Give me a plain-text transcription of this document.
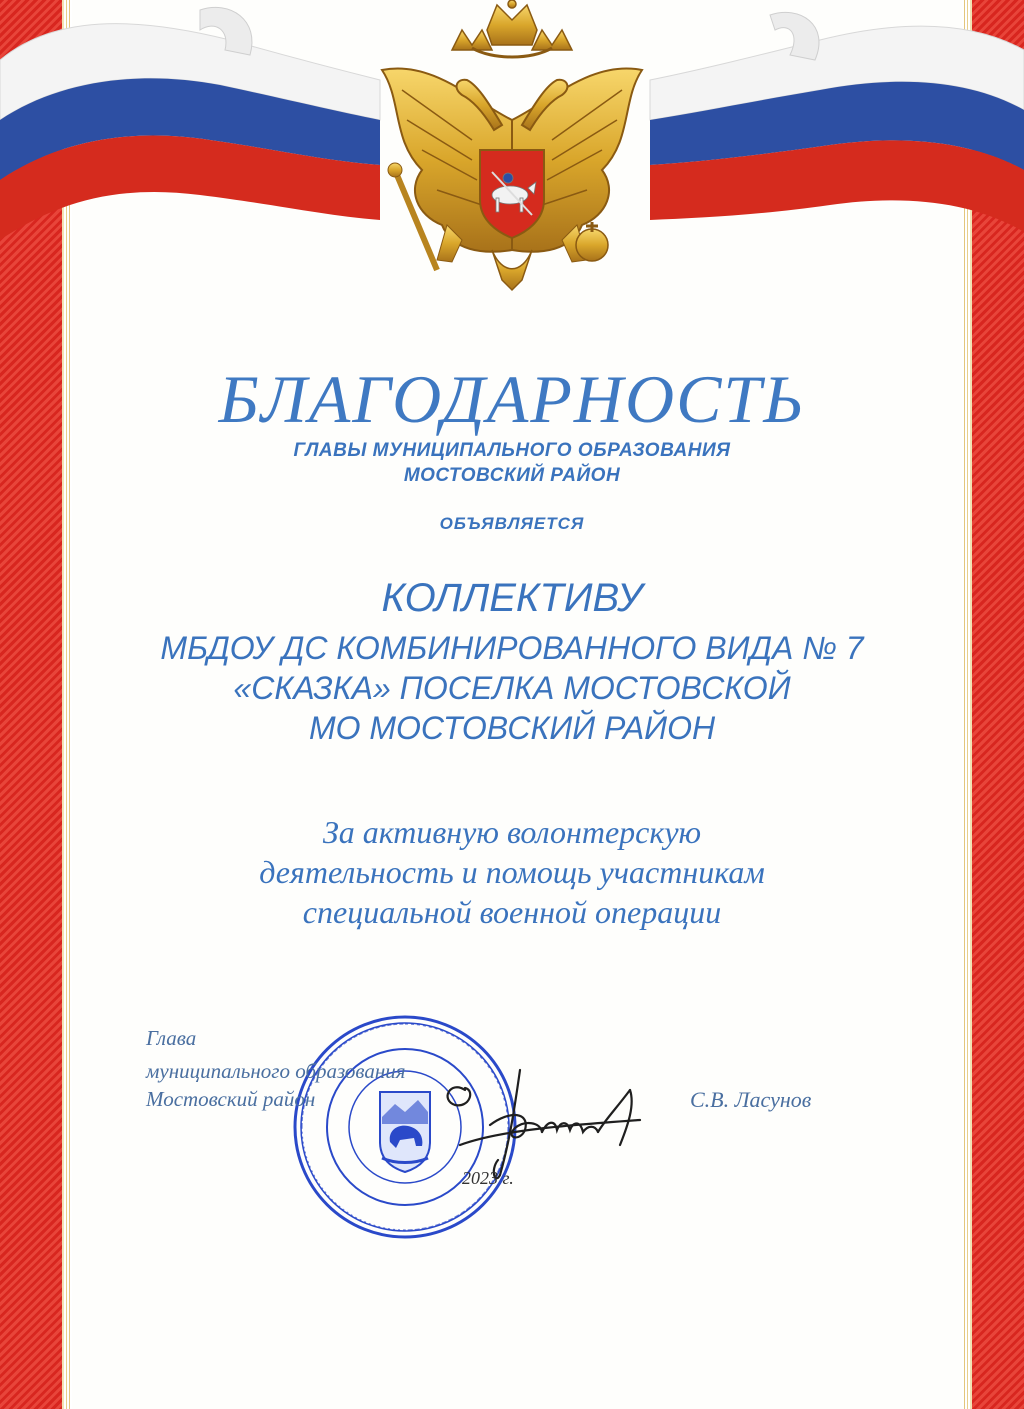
БЛАГОДАРНОСТЬ
ГЛАВЫ МУНИЦИПАЛЬНОГО ОБРАЗОВАНИЯ
МОСТОВСКИЙ РАЙОН
ОБЪЯВЛЯЕТСЯ
КОЛЛЕКТИВУ
МБДОУ ДС КОМБИНИРОВАННОГО ВИДА № 7
«СКАЗКА» ПОСЕЛКА МОСТОВСКОЙ
МО МОСТОВСКИЙ РАЙОН
За активную волонтерскую
деятельность и помощь участникам
специальной военной операции
Глава
муниципального образования
Мостовский район	С.В. Ласунов
2023 г.
